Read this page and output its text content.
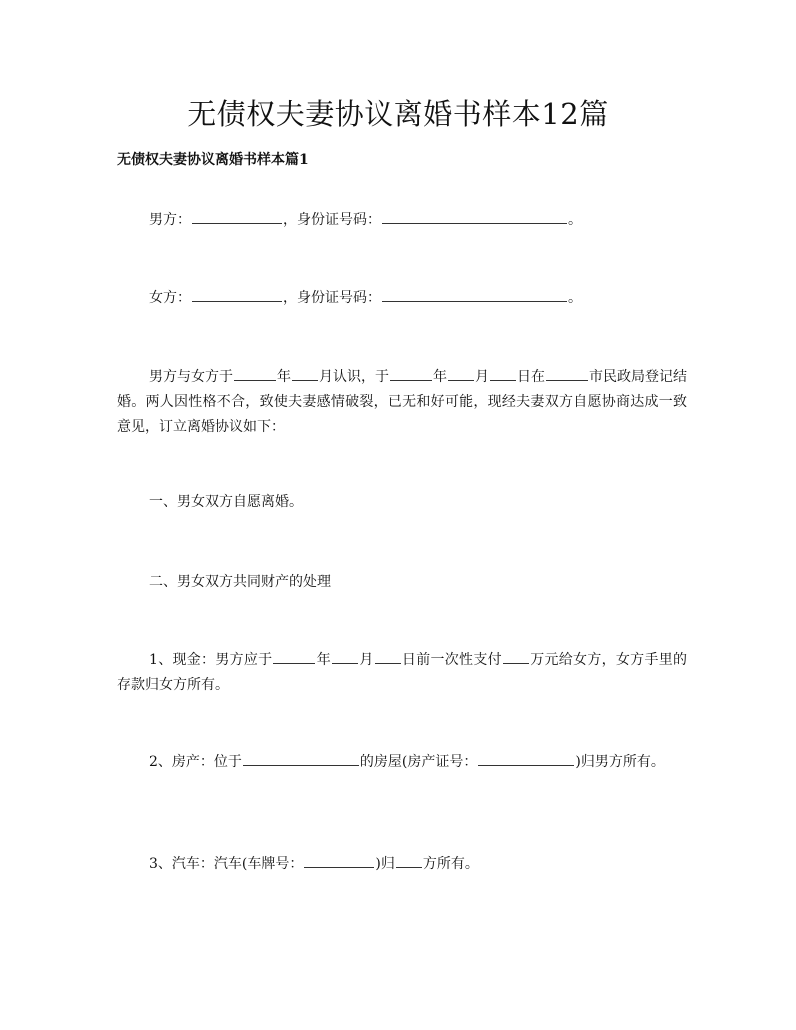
无债权夫妻协议离婚书样本12篇
无债权夫妻协议离婚书样本篇1

男方：	，身份证号码：	。

女方：	，身份证号码：	。

男方与女方于	年 月认识，于	年 月 日在	市民政局登记结婚。两人因性格不合，致使夫妻感情破裂，已无和好可能，现经夫妻双方自愿协商达成一致意见，订立离婚协议如下：

一、男女双方自愿离婚。

二、男女双方共同财产的处理

1、现金：男方应于	年 月 日前一次性支付 万元给女方，女方手里的存款归女方所有。

2、房产：位于	的房屋(房产证号：	)归男方所有。

3、汽车：汽车(车牌号：	)归 方所有。
